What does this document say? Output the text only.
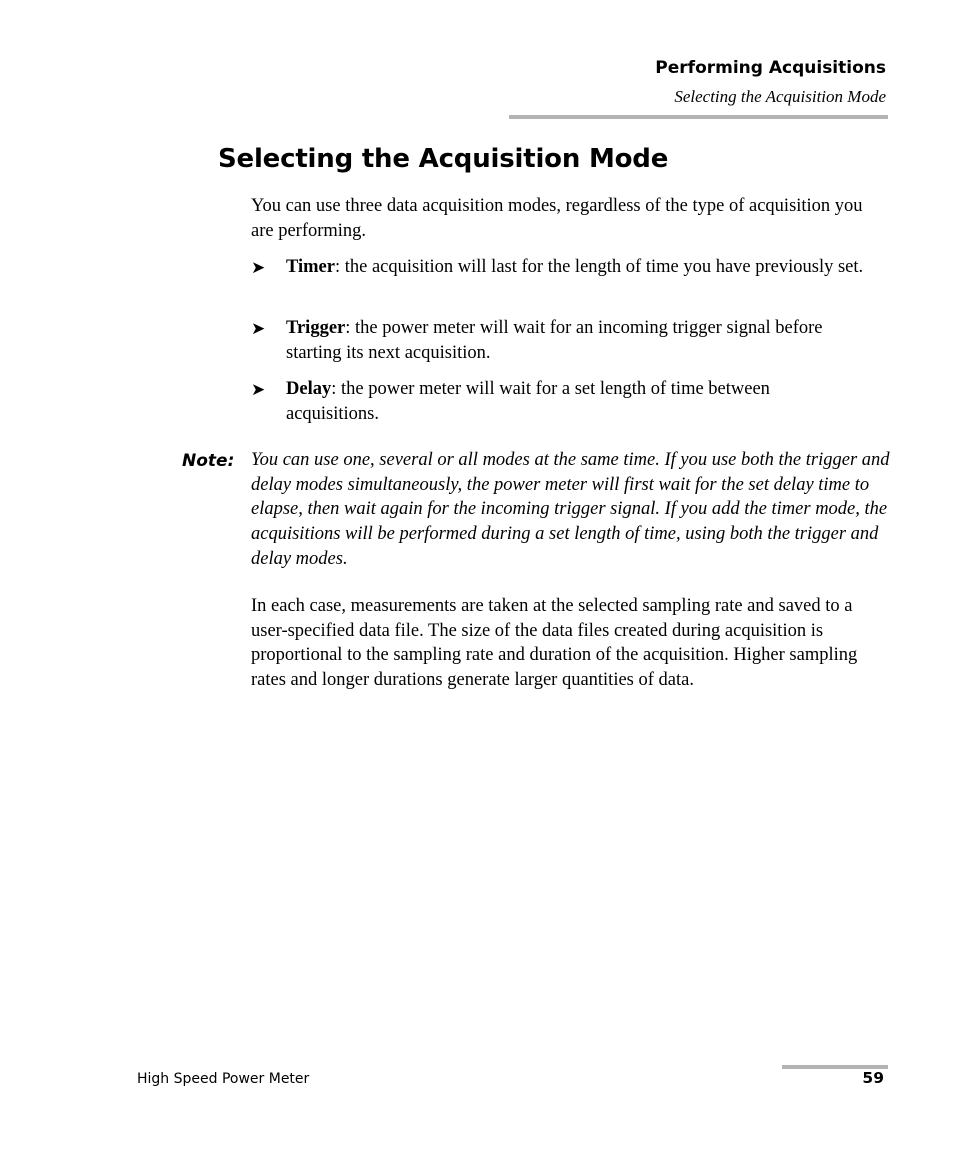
Performing Acquisitions
Selecting the Acquisition Mode
Selecting the Acquisition Mode

You can use three data acquisition modes, regardless of the type of acquisition you are performing.

➤	Timer: the acquisition will last for the length of time you have previously set.
➤	Trigger: the power meter will wait for an incoming trigger signal before starting its next acquisition.
➤	Delay: the power meter will wait for a set length of time between acquisitions.
Note: You can use one, several or all modes at the same time. If you use both the trigger and delay modes simultaneously, the power meter will first wait for the set delay time to elapse, then wait again for the incoming trigger signal. If you add the timer mode, the acquisitions will be performed during a set length of time, using both the trigger and delay modes.

In each case, measurements are taken at the selected sampling rate and saved to a user-specified data file. The size of the data files created during acquisition is proportional to the sampling rate and duration of the acquisition. Higher sampling rates and longer durations generate larger quantities of data.

High Speed Power Meter	59
